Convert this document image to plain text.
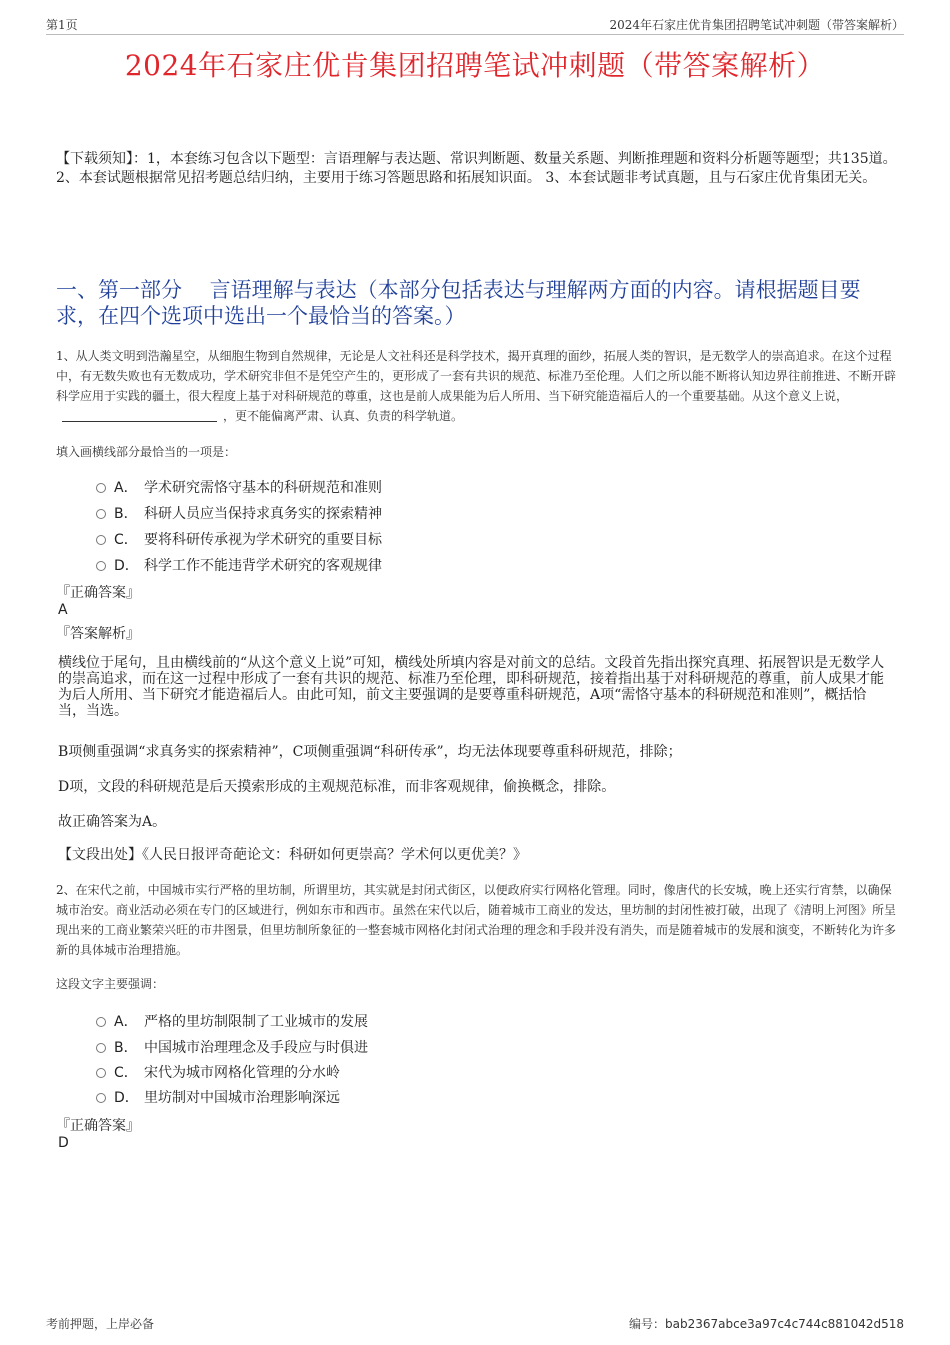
第1页	2024年石家庄优肯集团招聘笔试冲刺题（带答案解析）
2024年石家庄优肯集团招聘笔试冲刺题（带答案解析）
【下载须知】：1，本套练习包含以下题型：言语理解与表达题、常识判断题、数量关系题、判断推理题和资料分析题等题型；共135道。 2、本套试题根据常见招考题总结归纳，主要用于练习答题思路和拓展知识面。 3、本套试题非考试真题，且与石家庄优肯集团无关。
一、第一部分　 言语理解与表达（本部分包括表达与理解两方面的内容。请根据题目要求，在四个选项中选出一个最恰当的答案。）
1、从人类文明到浩瀚星空，从细胞生物到自然规律，无论是人文社科还是科学技术，揭开真理的面纱，拓展人类的智识，是无数学人的崇高追求。在这个过程中，有无数失败也有无数成功，学术研究非但不是凭空产生的，更形成了一套有共识的规范、标准乃至伦理。人们之所以能不断将认知边界往前推进、不断开辟科学应用于实践的疆土，很大程度上基于对科研规范的尊重，这也是前人成果能为后人所用、当下研究能造福后人的一个重要基础。从这个意义上说，，更不能偏离严肃、认真、负责的科学轨道。
填入画横线部分最恰当的一项是：
A． 学术研究需恪守基本的科研规范和准则
B． 科研人员应当保持求真务实的探索精神
C． 要将科研传承视为学术研究的重要目标
D． 科学工作不能违背学术研究的客观规律
『正确答案』
A
『答案解析』
横线位于尾句，且由横线前的“从这个意义上说”可知，横线处所填内容是对前文的总结。文段首先指出探究真理、拓展智识是无数学人的崇高追求，而在这一过程中形成了一套有共识的规范、标准乃至伦理，即科研规范，接着指出基于对科研规范的尊重，前人成果才能为后人所用、当下研究才能造福后人。由此可知，前文主要强调的是要尊重科研规范，A项“需恪守基本的科研规范和准则”，概括恰当，当选。
B项侧重强调“求真务实的探索精神”，C项侧重强调“科研传承”，均无法体现要尊重科研规范，排除；
D项，文段的科研规范是后天摸索形成的主观规范标准，而非客观规律，偷换概念，排除。
故正确答案为A。
【文段出处】《人民日报评奇葩论文：科研如何更崇高？学术何以更优美？》
2、在宋代之前，中国城市实行严格的里坊制，所谓里坊，其实就是封闭式街区，以便政府实行网格化管理。同时，像唐代的长安城，晚上还实行宵禁，以确保城市治安。商业活动必须在专门的区域进行，例如东市和西市。虽然在宋代以后，随着城市工商业的发达，里坊制的封闭性被打破，出现了《清明上河图》所呈现出来的工商业繁荣兴旺的市井图景，但里坊制所象征的一整套城市网格化封闭式治理的理念和手段并没有消失，而是随着城市的发展和演变，不断转化为许多新的具体城市治理措施。
这段文字主要强调：
A． 严格的里坊制限制了工业城市的发展
B． 中国城市治理理念及手段应与时俱进
C． 宋代为城市网格化管理的分水岭
D． 里坊制对中国城市治理影响深远
『正确答案』
D
考前押题，上岸必备	编号：bab2367abce3a97c4c744c881042d518
